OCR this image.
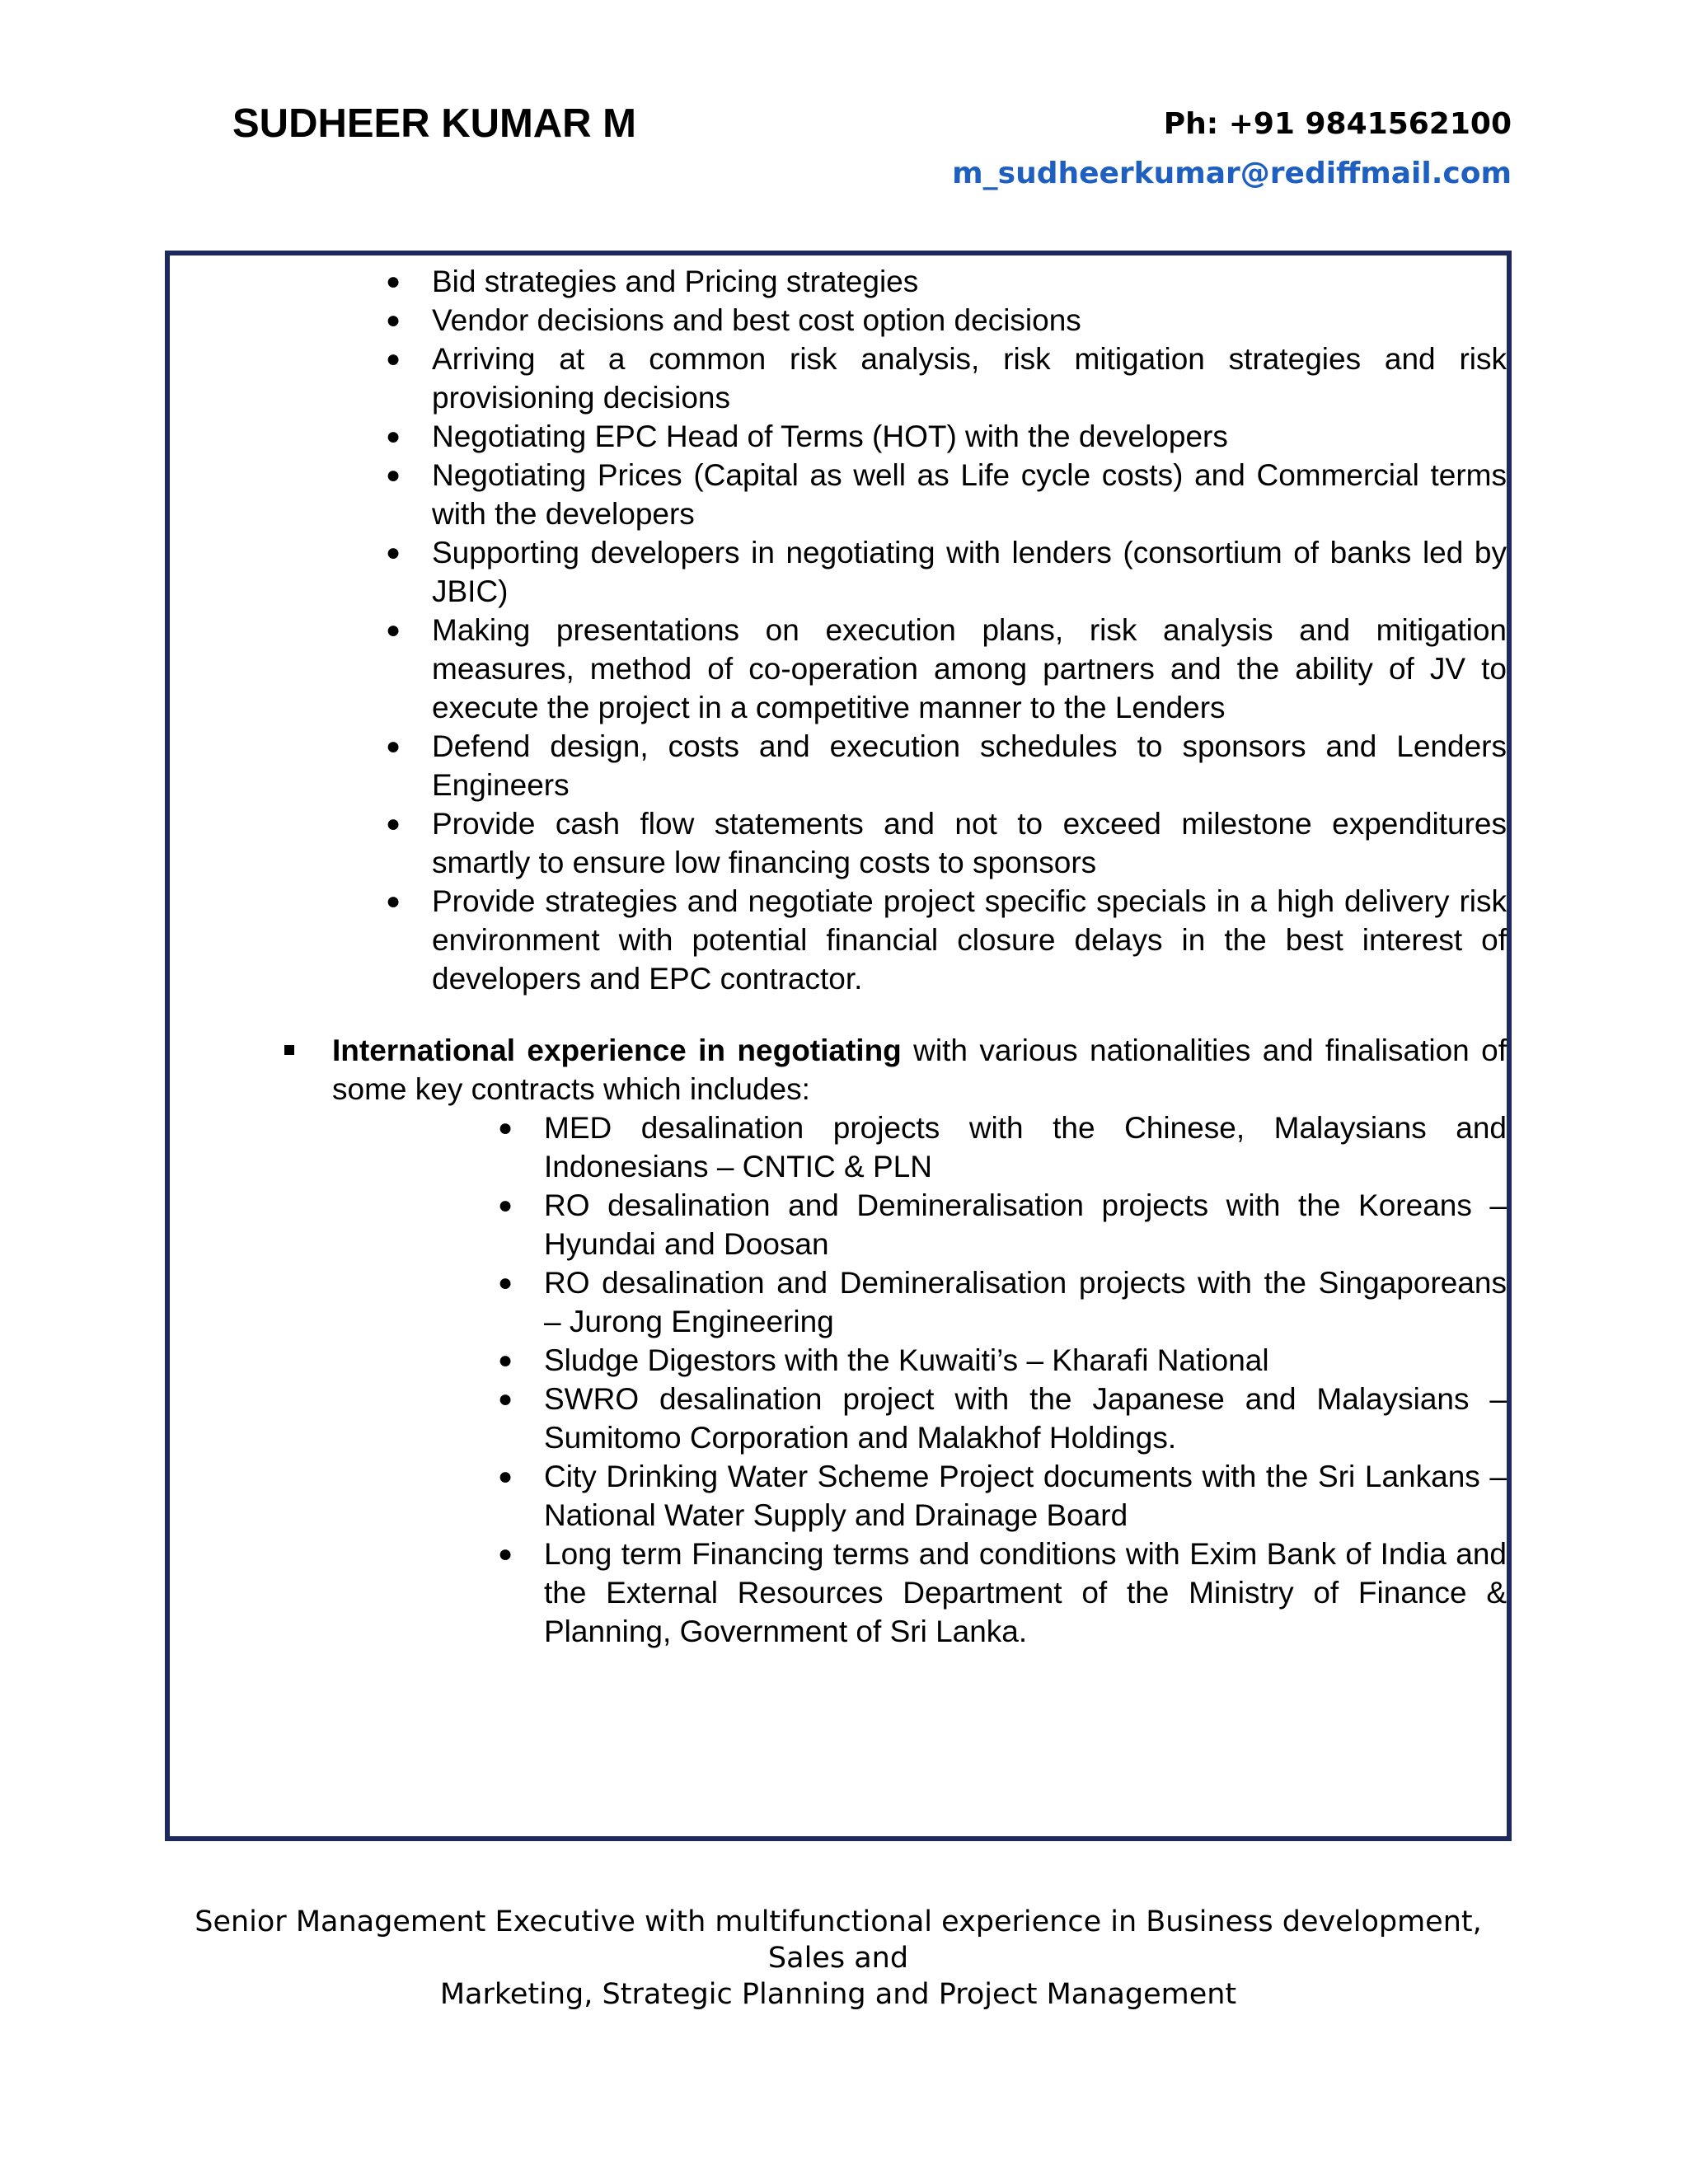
SUDHEER KUMAR M	Ph: +91 9841562100
m_sudheerkumar@rediffmail.com
● Bid strategies and Pricing strategies
● Vendor decisions and best cost option decisions
● Arriving at a common risk analysis, risk mitigation strategies and risk provisioning decisions
● Negotiating EPC Head of Terms (HOT) with the developers
● Negotiating Prices (Capital as well as Life cycle costs) and Commercial terms with the developers
● Supporting developers in negotiating with lenders (consortium of banks led by JBIC)
● Making presentations on execution plans, risk analysis and mitigation measures, method of co-operation among partners and the ability of JV to execute the project in a competitive manner to the Lenders
● Defend design, costs and execution schedules to sponsors and Lenders Engineers
● Provide cash flow statements and not to exceed milestone expenditures smartly to ensure low financing costs to sponsors
● Provide strategies and negotiate project specific specials in a high delivery risk environment with potential financial closure delays in the best interest of developers and EPC contractor.
International experience in negotiating with various nationalities and finalisation of some key contracts which includes:
● MED desalination projects with the Chinese, Malaysians and Indonesians – CNTIC & PLN
● RO desalination and Demineralisation projects with the Koreans – Hyundai and Doosan
● RO desalination and Demineralisation projects with the Singaporeans – Jurong Engineering
● Sludge Digestors with the Kuwaiti’s – Kharafi National
● SWRO desalination project with the Japanese and Malaysians – Sumitomo Corporation and Malakhof Holdings.
● City Drinking Water Scheme Project documents with the Sri Lankans – National Water Supply and Drainage Board
● Long term Financing terms and conditions with Exim Bank of India and the External Resources Department of the Ministry of Finance & Planning, Government of Sri Lanka.
Senior Management Executive with multifunctional experience in Business development, Sales and
Marketing, Strategic Planning and Project Management
